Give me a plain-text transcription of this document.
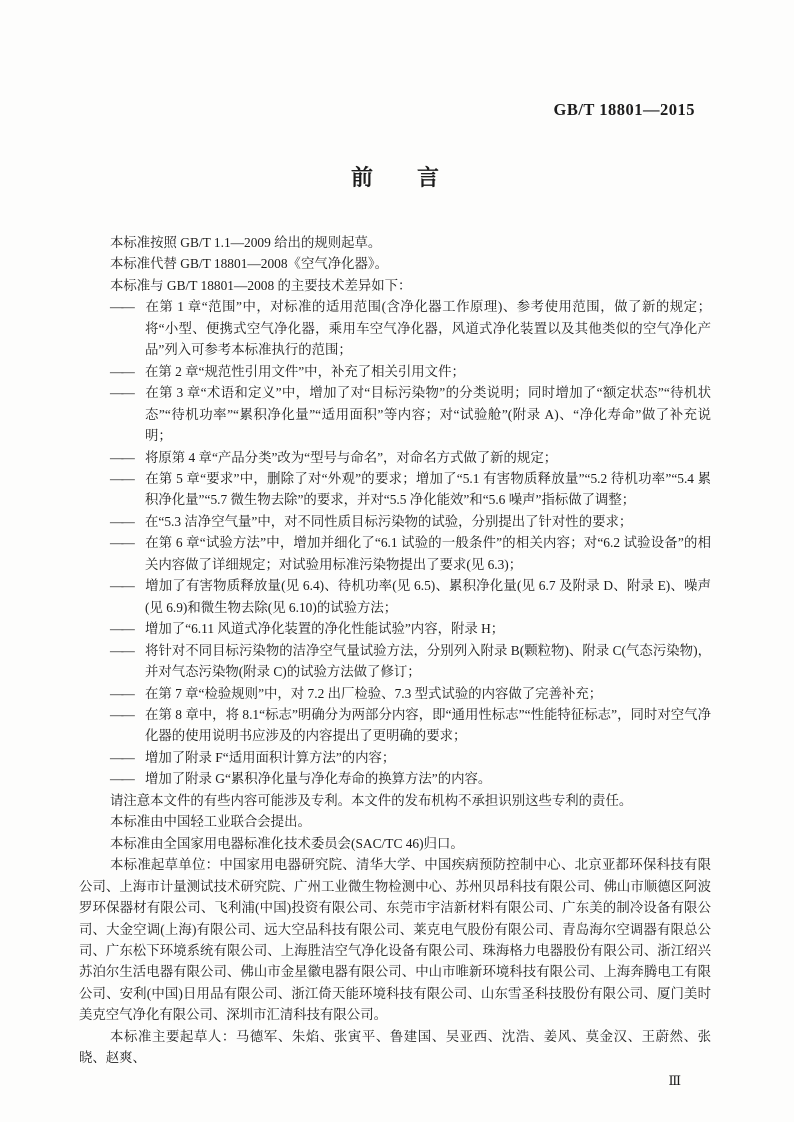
GB/T 18801—2015
前　　言

本标准按照 GB/T 1.1—2009 给出的规则起草。

本标准代替 GB/T 18801—2008《空气净化器》。

本标准与 GB/T 18801—2008 的主要技术差异如下：

—— 在第 1 章“范围”中，对标准的适用范围(含净化器工作原理)、参考使用范围，做了新的规定；将“小型、便携式空气净化器，乘用车空气净化器，风道式净化装置以及其他类似的空气净化产品”列入可参考本标准执行的范围；

—— 在第 2 章“规范性引用文件”中，补充了相关引用文件；

—— 在第 3 章“术语和定义”中，增加了对“目标污染物”的分类说明；同时增加了“额定状态”“待机状态”“待机功率”“累积净化量”“适用面积”等内容；对“试验舱”(附录 A)、“净化寿命”做了补充说明；

—— 将原第 4 章“产品分类”改为“型号与命名”，对命名方式做了新的规定；

—— 在第 5 章“要求”中，删除了对“外观”的要求；增加了“5.1 有害物质释放量”“5.2 待机功率”“5.4 累积净化量”“5.7 微生物去除”的要求，并对“5.5 净化能效”和“5.6 噪声”指标做了调整；

—— 在“5.3 洁净空气量”中，对不同性质目标污染物的试验，分别提出了针对性的要求；

—— 在第 6 章“试验方法”中，增加并细化了“6.1 试验的一般条件”的相关内容；对“6.2 试验设备”的相关内容做了详细规定；对试验用标准污染物提出了要求(见 6.3)；

—— 增加了有害物质释放量(见 6.4)、待机功率(见 6.5)、累积净化量(见 6.7 及附录 D、附录 E)、噪声(见 6.9)和微生物去除(见 6.10)的试验方法；

—— 增加了“6.11 风道式净化装置的净化性能试验”内容，附录 H；

—— 将针对不同目标污染物的洁净空气量试验方法，分别列入附录 B(颗粒物)、附录 C(气态污染物)，并对气态污染物(附录 C)的试验方法做了修订；

—— 在第 7 章“检验规则”中，对 7.2 出厂检验、7.3 型式试验的内容做了完善补充；

—— 在第 8 章中，将 8.1“标志”明确分为两部分内容，即“通用性标志”“性能特征标志”，同时对空气净化器的使用说明书应涉及的内容提出了更明确的要求；

—— 增加了附录 F“适用面积计算方法”的内容；

—— 增加了附录 G“累积净化量与净化寿命的换算方法”的内容。

请注意本文件的有些内容可能涉及专利。本文件的发布机构不承担识别这些专利的责任。

本标准由中国轻工业联合会提出。

本标准由全国家用电器标准化技术委员会(SAC/TC 46)归口。

本标准起草单位：中国家用电器研究院、清华大学、中国疾病预防控制中心、北京亚都环保科技有限公司、上海市计量测试技术研究院、广州工业微生物检测中心、苏州贝昂科技有限公司、佛山市顺德区阿波罗环保器材有限公司、飞利浦(中国)投资有限公司、东莞市宇洁新材料有限公司、广东美的制冷设备有限公司、大金空调(上海)有限公司、远大空品科技有限公司、莱克电气股份有限公司、青岛海尔空调器有限总公司、广东松下环境系统有限公司、上海胜洁空气净化设备有限公司、珠海格力电器股份有限公司、浙江绍兴苏泊尔生活电器有限公司、佛山市金星徽电器有限公司、中山市唯新环境科技有限公司、上海奔腾电工有限公司、安利(中国)日用品有限公司、浙江倚天能环境科技有限公司、山东雪圣科技股份有限公司、厦门美时美克空气净化有限公司、深圳市汇清科技有限公司。

本标准主要起草人：马德军、朱焰、张寅平、鲁建国、吴亚西、沈浩、姜风、莫金汉、王蔚然、张晓、赵爽、

Ⅲ
